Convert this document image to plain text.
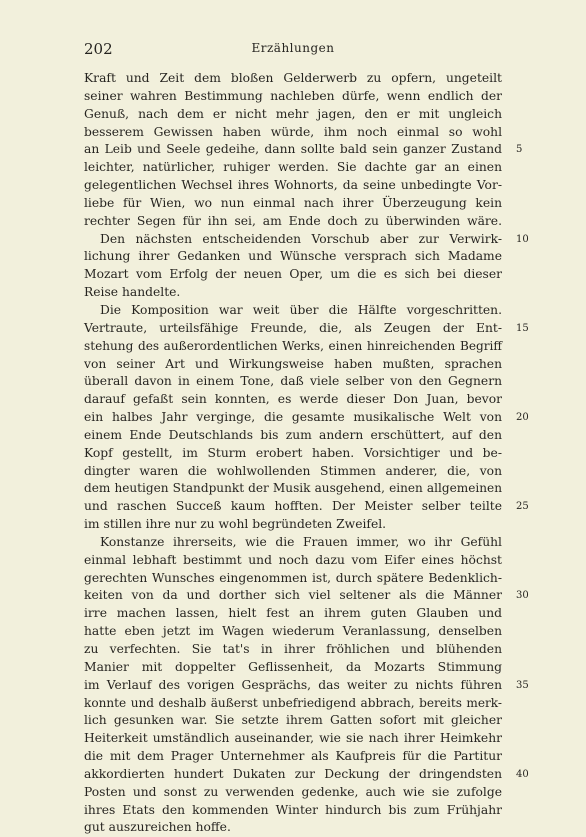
202	Erzählungen
Kraft und Zeit dem bloßen Gelderwerb zu opfern, ungeteilt
seiner wahren Bestimmung nachleben dürfe, wenn endlich der
Genuß, nach dem er nicht mehr jagen, den er mit ungleich
besserem Gewissen haben würde, ihm noch einmal so wohl
an Leib und Seele gedeihe, dann sollte bald sein ganzer Zustand 5
leichter, natürlicher, ruhiger werden. Sie dachte gar an einen
gelegentlichen Wechsel ihres Wohnorts, da seine unbedingte Vor-
liebe für Wien, wo nun einmal nach ihrer Überzeugung kein
rechter Segen für ihn sei, am Ende doch zu überwinden wäre.
Den nächsten entscheidenden Vorschub aber zur Verwirk- 10
lichung ihrer Gedanken und Wünsche versprach sich Madame
Mozart vom Erfolg der neuen Oper, um die es sich bei dieser
Reise handelte.
Die Komposition war weit über die Hälfte vorgeschritten.
Vertraute, urteilsfähige Freunde, die, als Zeugen der Ent- 15
stehung des außerordentlichen Werks, einen hinreichenden Begriff
von seiner Art und Wirkungsweise haben mußten, sprachen
überall davon in einem Tone, daß viele selber von den Gegnern
darauf gefaßt sein konnten, es werde dieser Don Juan, bevor
ein halbes Jahr verginge, die gesamte musikalische Welt von 20
einem Ende Deutschlands bis zum andern erschüttert, auf den
Kopf gestellt, im Sturm erobert haben. Vorsichtiger und be-
dingter waren die wohlwollenden Stimmen anderer, die, von
dem heutigen Standpunkt der Musik ausgehend, einen allgemeinen
und raschen Succeß kaum hofften. Der Meister selber teilte 25
im stillen ihre nur zu wohl begründeten Zweifel.
Konstanze ihrerseits, wie die Frauen immer, wo ihr Gefühl
einmal lebhaft bestimmt und noch dazu vom Eifer eines höchst
gerechten Wunsches eingenommen ist, durch spätere Bedenklich-
keiten von da und dorther sich viel seltener als die Männer 30
irre machen lassen, hielt fest an ihrem guten Glauben und
hatte eben jetzt im Wagen wiederum Veranlassung, denselben
zu verfechten. Sie tat's in ihrer fröhlichen und blühenden
Manier mit doppelter Geflissenheit, da Mozarts Stimmung
im Verlauf des vorigen Gesprächs, das weiter zu nichts führen 35
konnte und deshalb äußerst unbefriedigend abbrach, bereits merk-
lich gesunken war. Sie setzte ihrem Gatten sofort mit gleicher
Heiterkeit umständlich auseinander, wie sie nach ihrer Heimkehr
die mit dem Prager Unternehmer als Kaufpreis für die Partitur
akkordierten hundert Dukaten zur Deckung der dringendsten 40
Posten und sonst zu verwenden gedenke, auch wie sie zufolge
ihres Etats den kommenden Winter hindurch bis zum Frühjahr
gut auszureichen hoffe.
